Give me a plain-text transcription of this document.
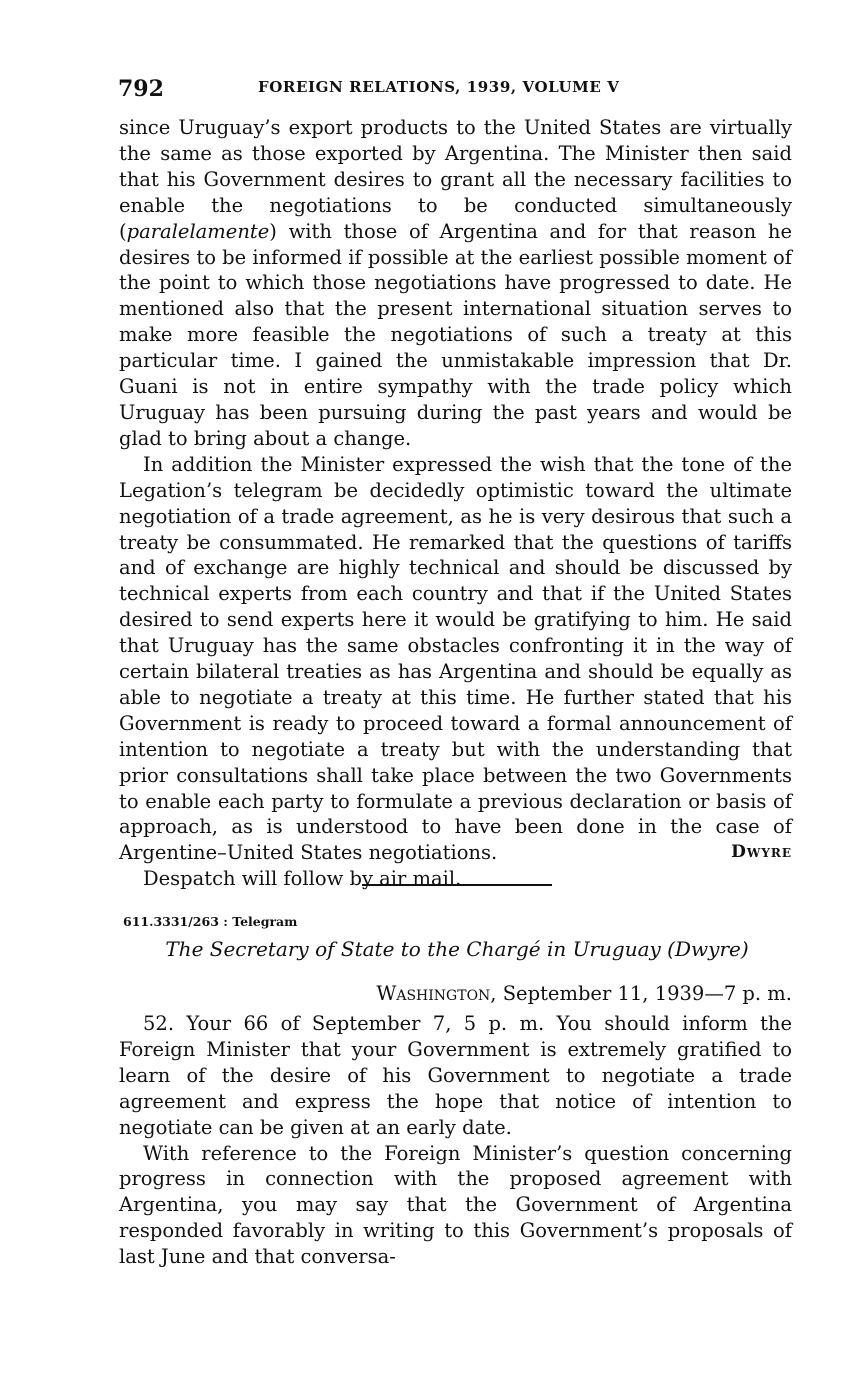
792	FOREIGN RELATIONS, 1939, VOLUME V

since Uruguay’s export products to the United States are virtually the same as those exported by Argentina. The Minister then said that his Government desires to grant all the necessary facilities to enable the negotiations to be conducted simultaneously (paralelamente) with those of Argentina and for that reason he desires to be informed if possible at the earliest possible moment of the point to which those negotiations have progressed to date. He mentioned also that the present international situation serves to make more feasible the negotiations of such a treaty at this particular time. I gained the unmistakable impression that Dr. Guani is not in entire sympathy with the trade policy which Uruguay has been pursuing during the past years and would be glad to bring about a change.

In addition the Minister expressed the wish that the tone of the Legation’s telegram be decidedly optimistic toward the ultimate negotiation of a trade agreement, as he is very desirous that such a treaty be consummated. He remarked that the questions of tariffs and of exchange are highly technical and should be discussed by technical experts from each country and that if the United States desired to send experts here it would be gratifying to him. He said that Uruguay has the same obstacles confronting it in the way of certain bilateral treaties as has Argentina and should be equally as able to negotiate a treaty at this time. He further stated that his Government is ready to proceed toward a formal announcement of intention to negotiate a treaty but with the understanding that prior consultations shall take place between the two Governments to enable each party to formulate a previous declaration or basis of approach, as is understood to have been done in the case of Argentine–United States negotiations.

Despatch will follow by air mail.

Dwyre
611.3331/263 : Telegram
The Secretary of State to the Chargé in Uruguay (Dwyre)
Washington, September 11, 1939—7 p. m.

52. Your 66 of September 7, 5 p. m. You should inform the Foreign Minister that your Government is extremely gratified to learn of the desire of his Government to negotiate a trade agreement and express the hope that notice of intention to negotiate can be given at an early date.

With reference to the Foreign Minister’s question concerning progress in connection with the proposed agreement with Argentina, you may say that the Government of Argentina responded favorably in writing to this Government’s proposals of last June and that conversa-
